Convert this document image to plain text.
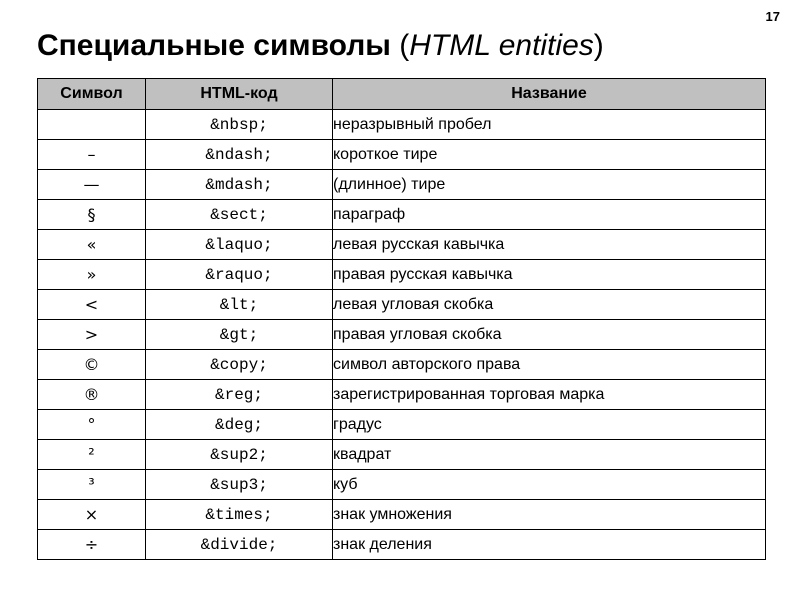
17
Специальные символы (HTML entities)
Символ	HTML-код	Название
	&nbsp;	неразрывный пробел
–	&ndash;	короткое тире
—	&mdash;	(длинное) тире
§	&sect;	параграф
«	&laquo;	левая русская кавычка
»	&raquo;	правая русская кавычка
<	&lt;	левая угловая скобка
>	&gt;	правая угловая скобка
©	&copy;	символ авторского права
®	&reg;	зарегистрированная торговая марка
°	&deg;	градус
²	&sup2;	квадрат
³	&sup3;	куб
×	&times;	знак умножения
÷	&divide;	знак деления
